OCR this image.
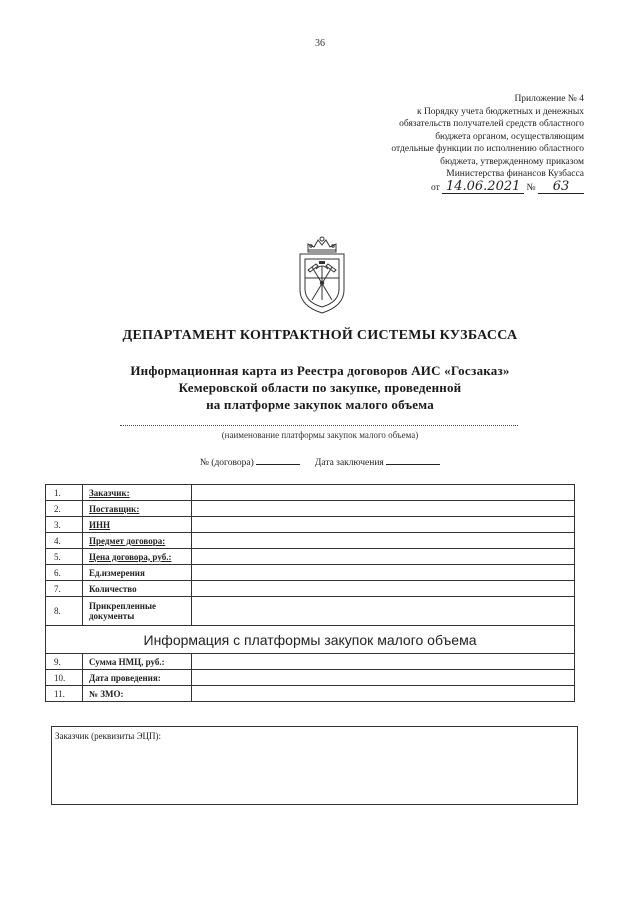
36
Приложение № 4
к Порядку учета бюджетных и денежных
обязательств получателей средств областного
бюджета органом, осуществляющим
отдельные функции по исполнению областного
бюджета, утвержденному приказом
Министерства финансов Кузбасса
от 14.06.2021 № 63
ДЕПАРТАМЕНТ КОНТРАКТНОЙ СИСТЕМЫ КУЗБАССА
Информационная карта из Реестра договоров АИС «Госзаказ»
Кемеровской области по закупке, проведенной
на платформе закупок малого объема
(наименование платформы закупок малого объема)
№ (договора)	Дата заключения
1.	Заказчик:	
2.	Поставщик:	
3.	ИНН	
4.	Предмет договора:	
5.	Цена договора, руб.:	
6.	Ед.измерения	
7.	Количество	
8.	Прикрепленные документы	
Информация с платформы закупок малого объема		
9.	Сумма НМЦ, руб.:	
10.	Дата проведения:	
11.	№ ЗМО:	
Заказчик (реквизиты ЭЦП):
